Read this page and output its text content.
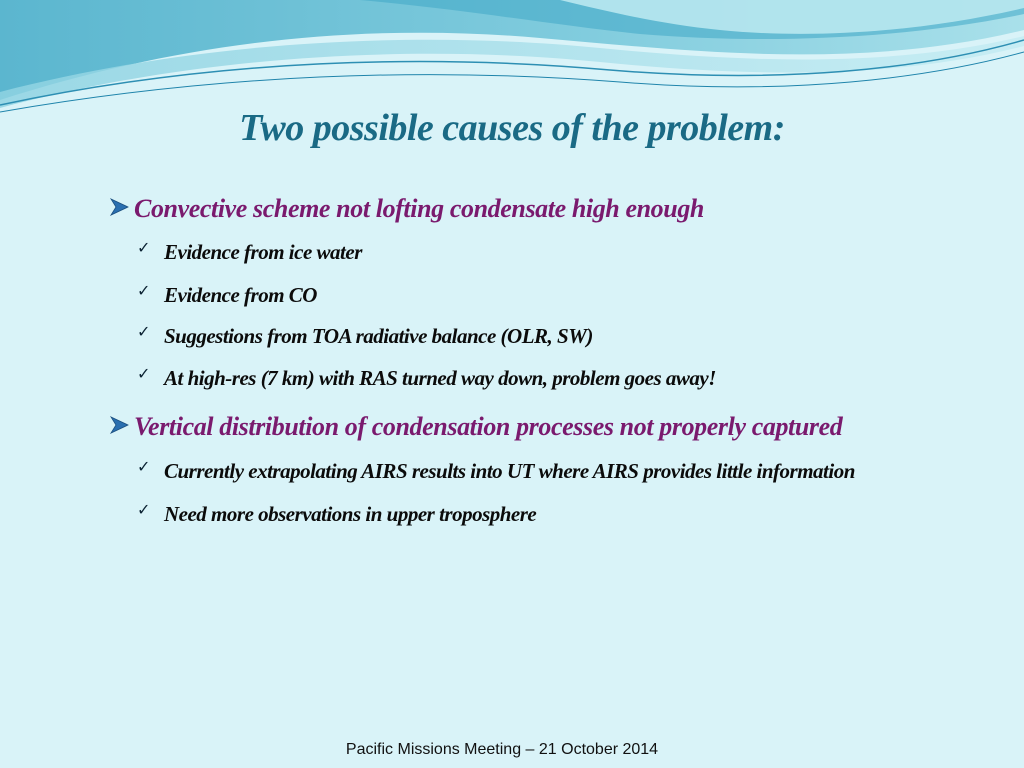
Two possible causes of the problem:
Convective scheme not lofting condensate high enough
✓ Evidence from ice water
✓ Evidence from CO
✓ Suggestions from TOA radiative balance (OLR, SW)
✓ At high-res (7 km) with RAS turned way down, problem goes away!
Vertical distribution of condensation processes not properly captured
✓ Currently extrapolating AIRS results into UT where AIRS provides little information
✓ Need more observations in upper troposphere
Pacific Missions Meeting – 21 October 2014
